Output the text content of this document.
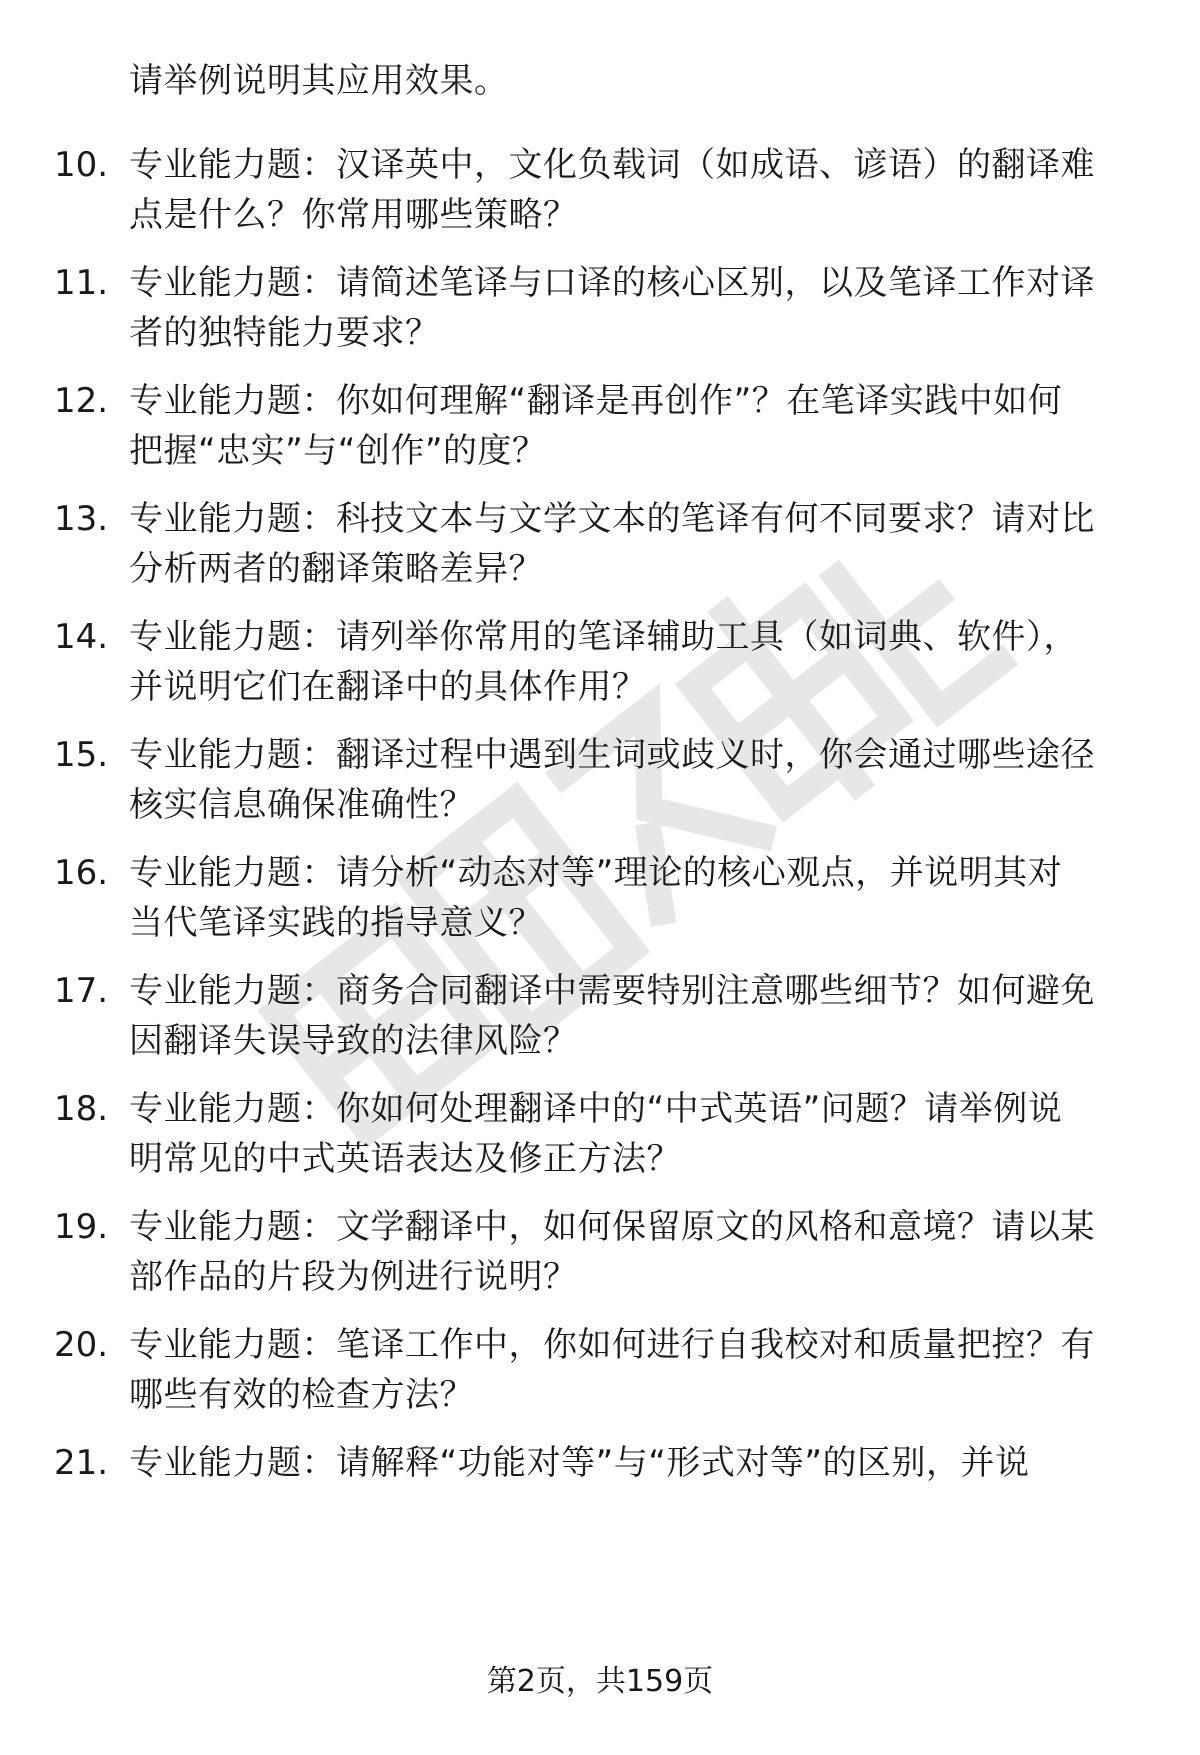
请举例说明其应用效果。
10. 专业能力题：汉译英中，文化负载词（如成语、谚语）的翻译难
点是什么？你常用哪些策略？
11. 专业能力题：请简述笔译与口译的核心区别，以及笔译工作对译
者的独特能力要求？
12. 专业能力题：你如何理解“翻译是再创作”？在笔译实践中如何
把握“忠实”与“创作”的度？
13. 专业能力题：科技文本与文学文本的笔译有何不同要求？请对比
分析两者的翻译策略差异？
14. 专业能力题：请列举你常用的笔译辅助工具（如词典、软件），
并说明它们在翻译中的具体作用？
15. 专业能力题：翻译过程中遇到生词或歧义时，你会通过哪些途径
核实信息确保准确性？
16. 专业能力题：请分析“动态对等”理论的核心观点，并说明其对
当代笔译实践的指导意义？
17. 专业能力题：商务合同翻译中需要特别注意哪些细节？如何避免
因翻译失误导致的法律风险？
18. 专业能力题：你如何处理翻译中的“中式英语”问题？请举例说
明常见的中式英语表达及修正方法？
19. 专业能力题：文学翻译中，如何保留原文的风格和意境？请以某
部作品的片段为例进行说明？
20. 专业能力题：笔译工作中，你如何进行自我校对和质量把控？有
哪些有效的检查方法？
21. 专业能力题：请解释“功能对等”与“形式对等”的区别，并说
第2页，共159页
